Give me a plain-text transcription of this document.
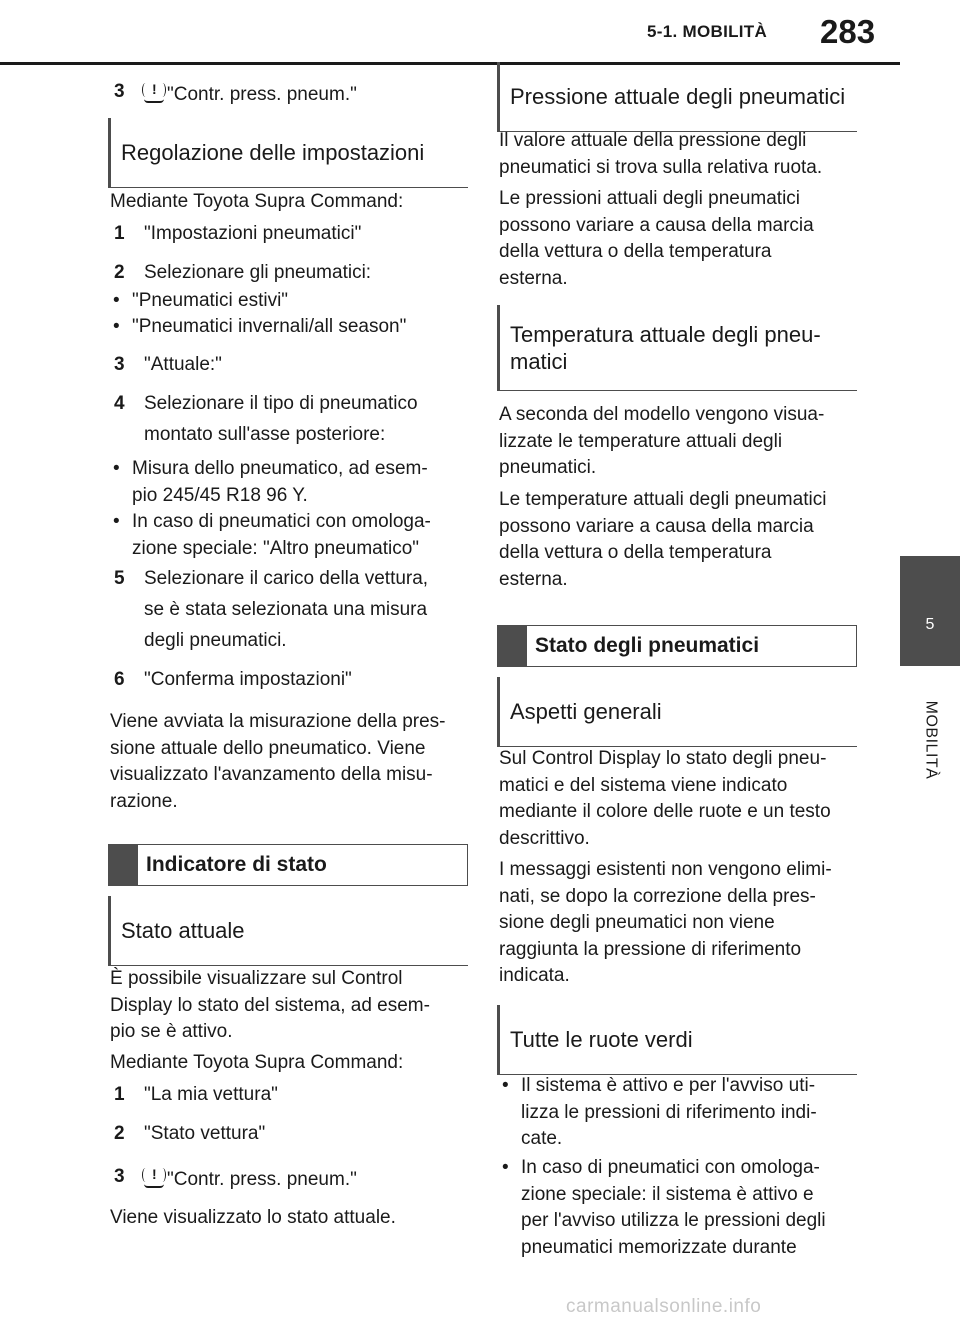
5-1. MOBILITÀ 283
5
MOBILITÀ
3 ! "Contr. press. pneum."
Regolazione delle impostazioni
Mediante Toyota Supra Command:
1 "Impostazioni pneumatici"
2 Selezionare gli pneumatici:
• "Pneumatici estivi"
• "Pneumatici invernali/all season"
3 "Attuale:"
4 Selezionare il tipo di pneumatico
montato sull'asse posteriore:
• Misura dello pneumatico, ad esem-
pio 245/45 R18 96 Y.
• In caso di pneumatici con omologa-
zione speciale: "Altro pneumatico"
5 Selezionare il carico della vettura,
se è stata selezionata una misura
degli pneumatici.
6 "Conferma impostazioni"
Viene avviata la misurazione della pres-
sione attuale dello pneumatico. Viene
visualizzato l'avanzamento della misu-
razione.
Indicatore di stato
Stato attuale
È possibile visualizzare sul Control
Display lo stato del sistema, ad esem-
pio se è attivo.
Mediante Toyota Supra Command:
1 "La mia vettura"
2 "Stato vettura"
3 ! "Contr. press. pneum."
Viene visualizzato lo stato attuale.
Pressione attuale degli pneumatici
Il valore attuale della pressione degli
pneumatici si trova sulla relativa ruota.
Le pressioni attuali degli pneumatici
possono variare a causa della marcia
della vettura o della temperatura
esterna.
Temperatura attuale degli pneu-
matici
A seconda del modello vengono visua-
lizzate le temperature attuali degli
pneumatici.
Le temperature attuali degli pneumatici
possono variare a causa della marcia
della vettura o della temperatura
esterna.
Stato degli pneumatici
Aspetti generali
Sul Control Display lo stato degli pneu-
matici e del sistema viene indicato
mediante il colore delle ruote e un testo
descrittivo.
I messaggi esistenti non vengono elimi-
nati, se dopo la correzione della pres-
sione degli pneumatici non viene
raggiunta la pressione di riferimento
indicata.
Tutte le ruote verdi
• Il sistema è attivo e per l'avviso uti-
lizza le pressioni di riferimento indi-
cate.
• In caso di pneumatici con omologa-
zione speciale: il sistema è attivo e
per l'avviso utilizza le pressioni degli
pneumatici memorizzate durante
carmanualsonline.info
